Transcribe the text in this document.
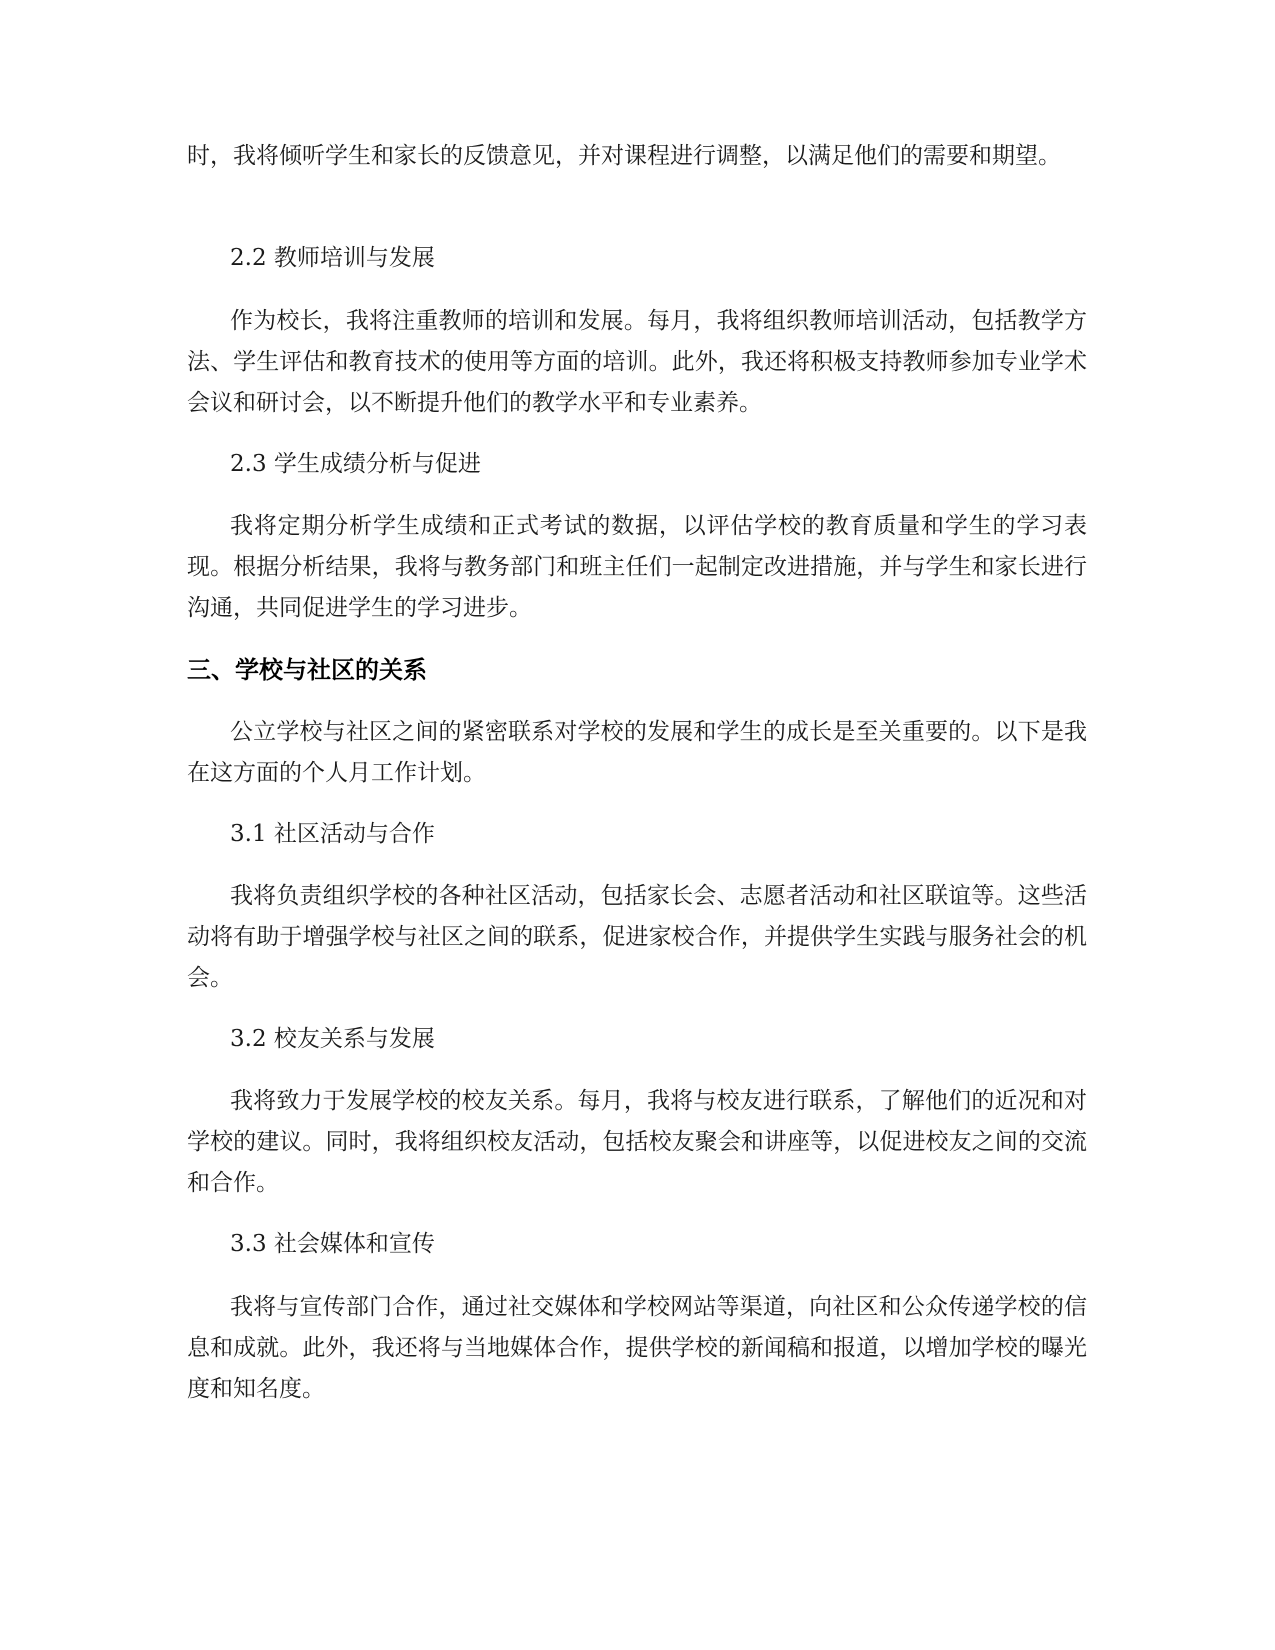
时，我将倾听学生和家长的反馈意见，并对课程进行调整，以满足他们的需要和期望。

2.2 教师培训与发展

作为校长，我将注重教师的培训和发展。每月，我将组织教师培训活动，包括教学方法、学生评估和教育技术的使用等方面的培训。此外，我还将积极支持教师参加专业学术会议和研讨会，以不断提升他们的教学水平和专业素养。

2.3 学生成绩分析与促进

我将定期分析学生成绩和正式考试的数据，以评估学校的教育质量和学生的学习表现。根据分析结果，我将与教务部门和班主任们一起制定改进措施，并与学生和家长进行沟通，共同促进学生的学习进步。

三、学校与社区的关系

公立学校与社区之间的紧密联系对学校的发展和学生的成长是至关重要的。以下是我在这方面的个人月工作计划。

3.1 社区活动与合作

我将负责组织学校的各种社区活动，包括家长会、志愿者活动和社区联谊等。这些活动将有助于增强学校与社区之间的联系，促进家校合作，并提供学生实践与服务社会的机会。

3.2 校友关系与发展

我将致力于发展学校的校友关系。每月，我将与校友进行联系，了解他们的近况和对学校的建议。同时，我将组织校友活动，包括校友聚会和讲座等，以促进校友之间的交流和合作。

3.3 社会媒体和宣传

我将与宣传部门合作，通过社交媒体和学校网站等渠道，向社区和公众传递学校的信息和成就。此外，我还将与当地媒体合作，提供学校的新闻稿和报道，以增加学校的曝光度和知名度。
